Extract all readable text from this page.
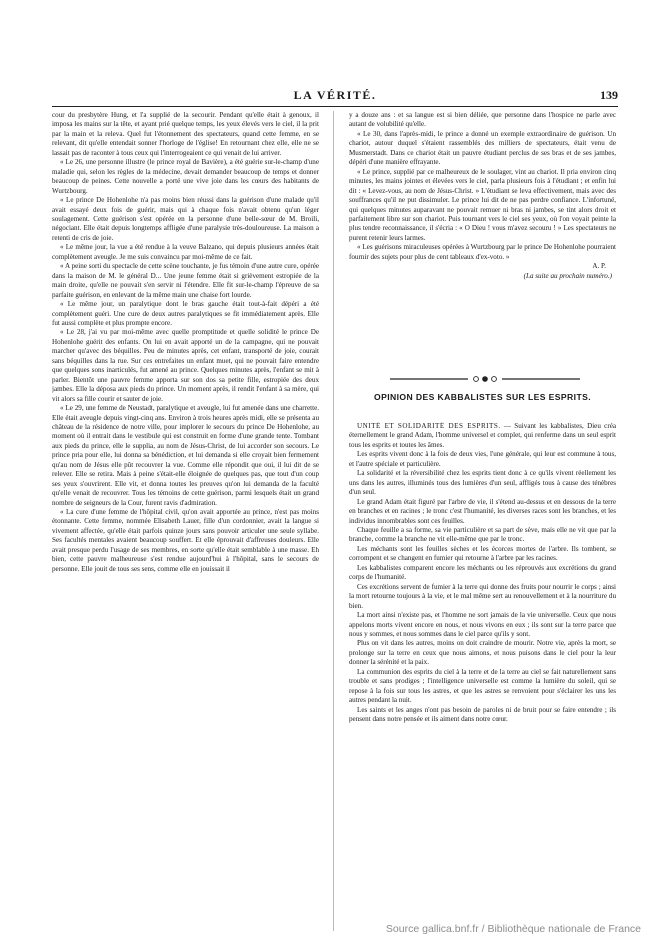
LA VÉRITÉ.	139

cour du presbytère Hung, et l'a supplié de la secourir. Pendant qu'elle était à genoux, il imposa les mains sur la tête, et ayant prié quelque temps, les yeux élevés vers le ciel, il la prit par la main et la releva. Quel fut l'étonnement des spectateurs, quand cette femme, en se relevant, dit qu'elle entendait sonner l'horloge de l'église! En retournant chez elle, elle ne se lassait pas de raconter à tous ceux qui l'interrogeaient ce qui venait de lui arriver.

« Le 26, une personne illustre (le prince royal de Bavière), a été guérie sur-le-champ d'une maladie qui, selon les règles de la médecine, devait demander beaucoup de temps et donner beaucoup de peines. Cette nouvelle a porté une vive joie dans les cœurs des habitants de Wurtzbourg.

« Le prince De Hohenlohe n'a pas moins bien réussi dans la guérison d'une malade qu'il avait essayé deux fois de guérir, mais qui à chaque fois n'avait obtenu qu'un léger soulagement. Cette guérison s'est opérée en la personne d'une belle-sœur de M. Broili, négociant. Elle était depuis longtemps affligée d'une paralysie très-douloureuse. La maison a retenti de cris de joie.

« Le même jour, la vue a été rendue à la veuve Balzano, qui depuis plusieurs années était complètement aveugle. Je me suis convaincu par moi-même de ce fait.

« A peine sorti du spectacle de cette scène touchante, je fus témoin d'une autre cure, opérée dans la maison de M. le général D... Une jeune femme était si grièvement estropiée de la main droite, qu'elle ne pouvait s'en servir ni l'étendre. Elle fit sur-le-champ l'épreuve de sa parfaite guérison, en enlevant de la même main une chaise fort lourde.

« Le même jour, un paralytique dont le bras gauche était tout-à-fait dépéri a été complètement guéri. Une cure de deux autres paralytiques se fit immédiatement après. Elle fut aussi complète et plus prompte encore.

« Le 28, j'ai vu par moi-même avec quelle promptitude et quelle solidité le prince De Hohenlohe guérit des enfants. On lui en avait apporté un de la campagne, qui ne pouvait marcher qu'avec des béquilles. Peu de minutes après, cet enfant, transporté de joie, courait sans béquilles dans la rue. Sur ces entrefaites un enfant muet, qui ne pouvait faire entendre que quelques sons inarticulés, fut amené au prince. Quelques minutes après, l'enfant se mit à parler. Bientôt une pauvre femme apporta sur son dos sa petite fille, estropiée des deux jambes. Elle la déposa aux pieds du prince. Un moment après, il rendit l'enfant à sa mère, qui vit alors sa fille courir et sauter de joie.

« Le 29, une femme de Neustadt, paralytique et aveugle, lui fut amenée dans une charrette. Elle était aveugle depuis vingt-cinq ans. Environ à trois heures après midi, elle se présenta au château de la résidence de notre ville, pour implorer le secours du prince De Hohenlohe, au moment où il entrait dans le vestibule qui est construit en forme d'une grande tente. Tombant aux pieds du prince, elle le supplia, au nom de Jésus-Christ, de lui accorder son secours. Le prince pria pour elle, lui donna sa bénédiction, et lui demanda si elle croyait bien fermement qu'au nom de Jésus elle pût recouvrer la vue. Comme elle répondit que oui, il lui dit de se relever. Elle se retira. Mais à peine s'était-elle éloignée de quelques pas, que tout d'un coup ses yeux s'ouvrirent. Elle vit, et donna toutes les preuves qu'on lui demanda de la faculté qu'elle venait de recouvrer. Tous les témoins de cette guérison, parmi lesquels était un grand nombre de seigneurs de la Cour, furent ravis d'admiration.

« La cure d'une femme de l'hôpital civil, qu'on avait apportée au prince, n'est pas moins étonnante. Cette femme, nommée Elisabeth Lauer, fille d'un cordonnier, avait la langue si vivement affectée, qu'elle était parfois quinze jours sans pouvoir articuler une seule syllabe. Ses facultés mentales avaient beaucoup souffert. Et elle éprouvait d'affreuses douleurs. Elle avait presque perdu l'usage de ses membres, en sorte qu'elle était semblable à une masse. Eh bien, cette pauvre malheureuse s'est rendue aujourd'hui à l'hôpital, sans le secours de personne. Elle jouit de tous ses sens, comme elle en jouissait il

y a douze ans : et sa langue est si bien déliée, que personne dans l'hospice ne parle avec autant de volubilité qu'elle.

« Le 30, dans l'après-midi, le prince a donné un exemple extraordinaire de guérison. Un chariot, autour duquel s'étaient rassemblés des milliers de spectateurs, était venu de Musmerstadt. Dans ce chariot était un pauvre étudiant perclus de ses bras et de ses jambes, dépéri d'une manière effrayante.

« Le prince, supplié par ce malheureux de le soulager, vint au chariot. Il pria environ cinq minutes, les mains jointes et élevées vers le ciel, parla plusieurs fois à l'étudiant ; et enfin lui dit : « Levez-vous, au nom de Jésus-Christ. » L'étudiant se leva effectivement, mais avec des souffrances qu'il ne put dissimuler. Le prince lui dit de ne pas perdre confiance. L'infortuné, qui quelques minutes auparavant ne pouvait remuer ni bras ni jambes, se tint alors droit et parfaitement libre sur son chariot. Puis tournant vers le ciel ses yeux, où l'on voyait peinte la plus tendre reconnaissance, il s'écria : « O Dieu ! vous m'avez secouru ! » Les spectateurs ne purent retenir leurs larmes.

« Les guérisons miraculeuses opérées à Wurtzbourg par le prince De Hohenlohe pourraient fournir des sujets pour plus de cent tableaux d'ex-voto. »

A. P.

(La suite au prochain numéro.)

OPINION DES KABBALISTES SUR LES ESPRITS.

UNITÉ ET SOLIDARITÉ DES ESPRITS. — Suivant les kabbalistes, Dieu créa éternellement le grand Adam, l'homme universel et complet, qui renferme dans un seul esprit tous les esprits et toutes les âmes.

Les esprits vivent donc à la fois de deux vies, l'une générale, qui leur est commune à tous, et l'autre spéciale et particulière.

La solidarité et la réversibilité chez les esprits tient donc à ce qu'ils vivent réellement les uns dans les autres, illuminés tous des lumières d'un seul, affligés tous à cause des ténèbres d'un seul.

Le grand Adam était figuré par l'arbre de vie, il s'étend au-dessus et en dessous de la terre en branches et en racines ; le tronc c'est l'humanité, les diverses races sont les branches, et les individus innombrables sont ces feuilles.

Chaque feuille a sa forme, sa vie particulière et sa part de sève, mais elle ne vit que par la branche, comme la branche ne vit elle-même que par le tronc.

Les méchants sont les feuilles sèches et les écorces mortes de l'arbre. Ils tombent, se corrompent et se changent en fumier qui retourne à l'arbre par les racines.

Les kabbalistes comparent encore les méchants ou les réprouvés aux excrétions du grand corps de l'humanité.

Ces excrétions servent de fumier à la terre qui donne des fruits pour nourrir le corps ; ainsi la mort retourne toujours à la vie, et le mal même sert au renouvellement et à la nourriture du bien.

La mort ainsi n'existe pas, et l'homme ne sort jamais de la vie universelle. Ceux que nous appelons morts vivent encore en nous, et nous vivons en eux ; ils sont sur la terre parce que nous y sommes, et nous sommes dans le ciel parce qu'ils y sont.

Plus on vit dans les autres, moins on doit craindre de mourir. Notre vie, après la mort, se prolonge sur la terre en ceux que nous aimons, et nous puisons dans le ciel pour la leur donner la sérénité et la paix.

La communion des esprits du ciel à la terre et de la terre au ciel se fait naturellement sans trouble et sans prodiges ; l'intelligence universelle est comme la lumière du soleil, qui se repose à la fois sur tous les astres, et que les astres se renvoient pour s'éclairer les uns les autres pendant la nuit.

Les saints et les anges n'ont pas besoin de paroles ni de bruit pour se faire entendre ; ils pensent dans notre pensée et ils aiment dans notre cœur.

Source gallica.bnf.fr / Bibliothèque nationale de France
